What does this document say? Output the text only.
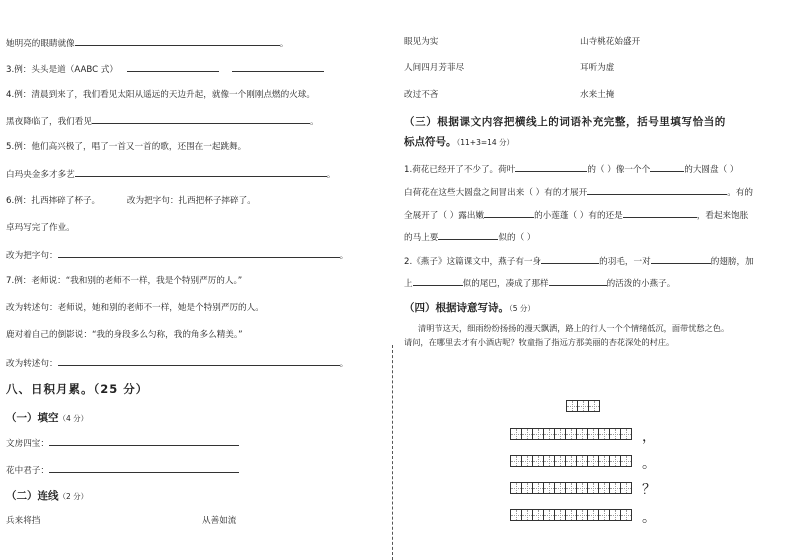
她明亮的眼睛就像	。
3.例：头头是道（AABC 式）
4.例：清晨到来了，我们看见太阳从遥远的天边升起，就像一个刚刚点燃的火球。
黑夜降临了，我们看见	。
5.例：他们高兴极了，唱了一首又一首的歌，还围在一起跳舞。
白玛央金多才多艺	。
6.例：扎西摔碎了杯子。	改为把字句：扎西把杯子摔碎了。
卓玛写完了作业。
改为把字句：	。
7.例：老师说：“我和别的老师不一样，我是个特别严厉的人。”
改为转述句：老师说，她和别的老师不一样，她是个特别严厉的人。
鹿对着自己的倒影说：“我的身段多么匀称，我的角多么精美。”
改为转述句：	。
八、日积月累。（25 分）
（一）填空（4 分）
文房四宝：
花中君子：
（二）连线（2 分）
兵来将挡	从善如流
眼见为实	山寺桃花始盛开
人间四月芳菲尽	耳听为虚
改过不吝	水来土掩
（三）根据课文内容把横线上的词语补充完整，括号里填写恰当的
标点符号。（11+3=14 分）
1.荷花已经开了不少了。荷叶	的（ ）像一个个	的大圆盘（ ）
白荷花在这些大圆盘之间冒出来（ ）有的才展开	。有的
全展开了（ ）露出嫩	的小莲蓬（ ）有的还是	，看起来饱胀
的马上要	似的（ ）
2.《燕子》这篇课文中，燕子有一身	的羽毛，一对	的翅膀，加
上	似的尾巴，凑成了那样	的活泼的小燕子。
（四）根据诗意写诗。（5 分）
清明节这天，细雨纷纷扬扬的漫天飘洒，路上的行人一个个情绪低沉，面带忧愁之色。
请问，在哪里去才有小酒店呢？牧童指了指远方那美丽的杏花深处的村庄。
，
。
？
。
